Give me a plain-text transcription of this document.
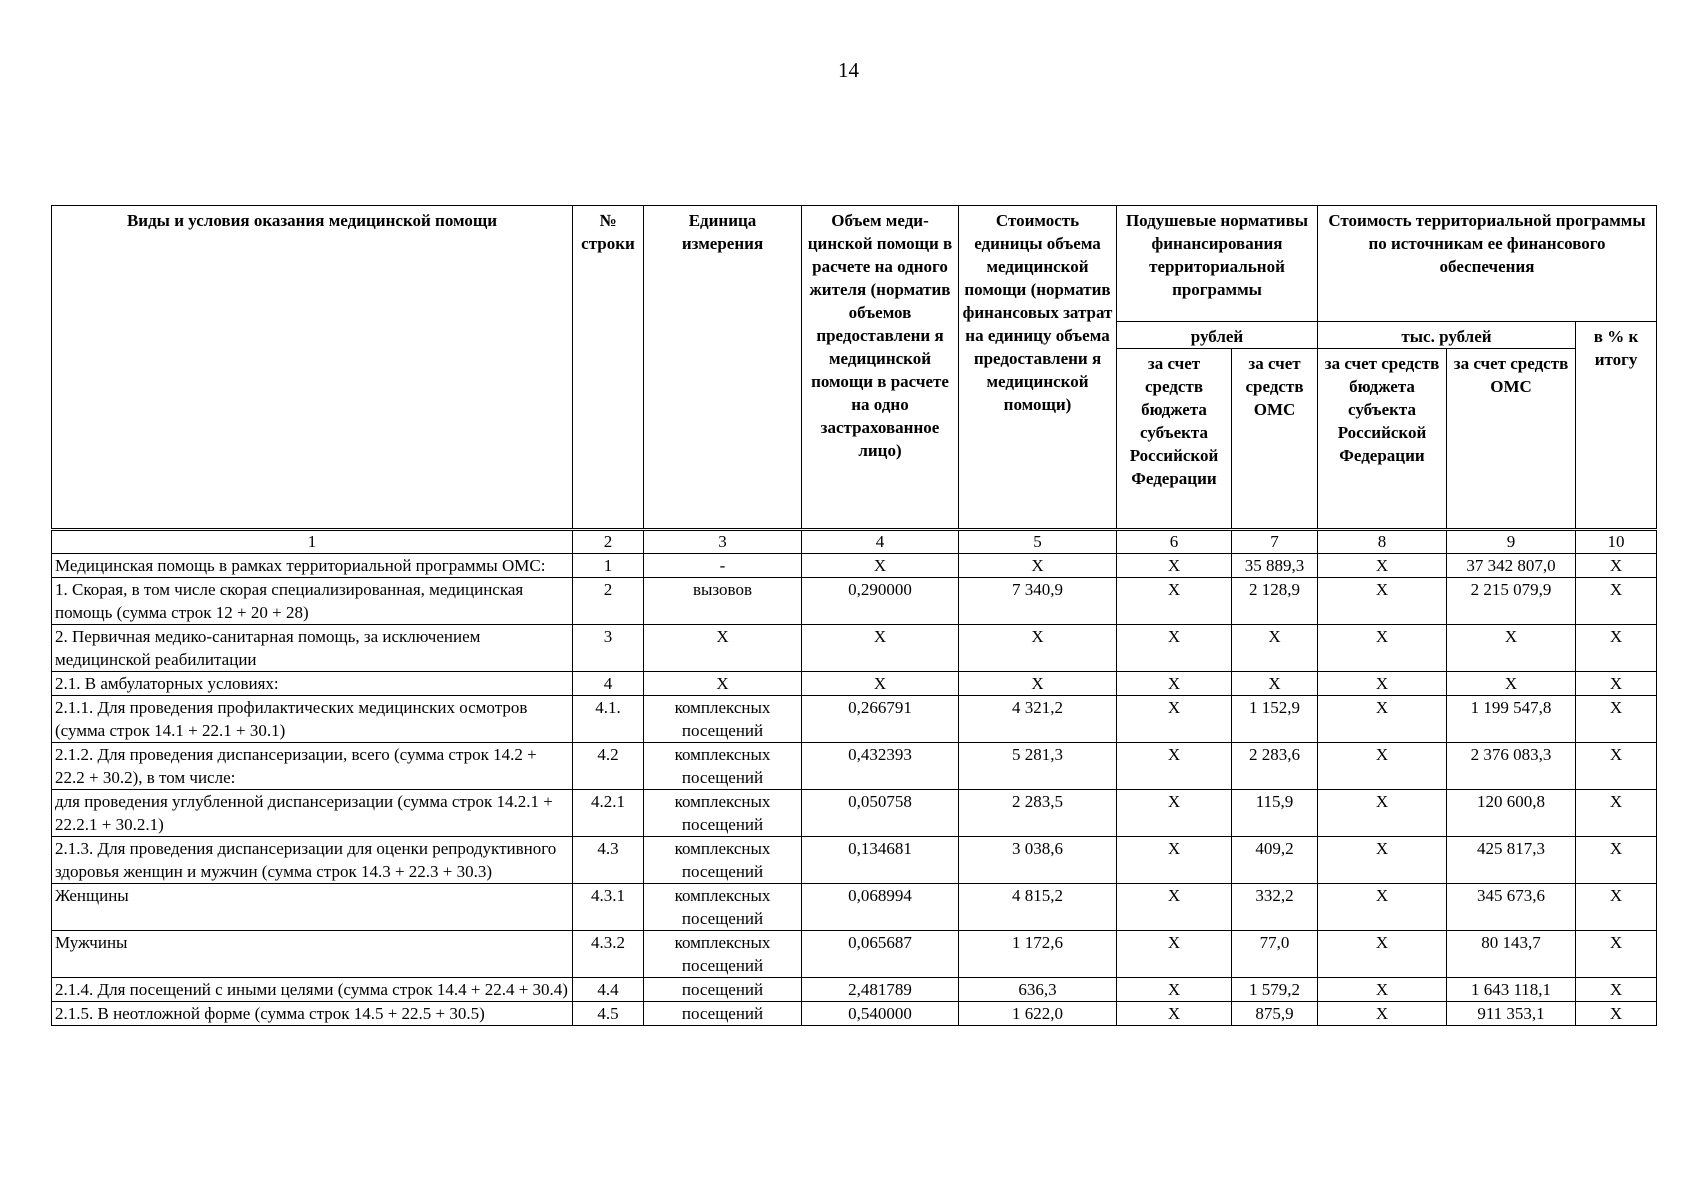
14
Виды и условия оказания медицинской помощи	№ строки	Единица измерения	Объем меди-цинской помощи в расчете на одного жителя (норматив объемов предоставлени я медицинской помощи в расчете на одно застрахованное лицо)	Стоимость единицы объема медицинской помощи (норматив финансовых затрат на единицу объема предоставлени я медицинской помощи)	Подушевые нормативы финансирования территориальной программы		Стоимость территориальной программы по источникам ее финансового обеспечения		
					рублей		тыс. рублей		в % к итогу
					за счет средств бюджета субъекта Российской Федерации	за счет средств ОМС	за счет средств бюджета субъекта Российской Федерации	за счет средств ОМС	
1	2	3	4	5	6	7	8	9	10
Медицинская помощь в рамках территориальной программы ОМС:	1	-	X	X	X	35 889,3	X	37 342 807,0	X
1. Скорая, в том числе скорая специализированная, медицинская помощь (сумма строк 12 + 20 + 28)	2	вызовов	0,290000	7 340,9	X	2 128,9	X	2 215 079,9	X
2. Первичная медико-санитарная помощь, за исключением медицинской реабилитации	3	X	X	X	X	X	X	X	X
2.1. В амбулаторных условиях:	4	X	X	X	X	X	X	X	X
2.1.1. Для проведения профилактических медицинских осмотров (сумма строк 14.1 + 22.1 + 30.1)	4.1.	комплексных посещений	0,266791	4 321,2	X	1 152,9	X	1 199 547,8	X
2.1.2. Для проведения диспансеризации, всего (сумма строк 14.2 + 22.2 + 30.2), в том числе:	4.2	комплексных посещений	0,432393	5 281,3	X	2 283,6	X	2 376 083,3	X
для проведения углубленной диспансеризации (сумма строк 14.2.1 + 22.2.1 + 30.2.1)	4.2.1	комплексных посещений	0,050758	2 283,5	X	115,9	X	120 600,8	X
2.1.3. Для проведения диспансеризации для оценки репродуктивного здоровья женщин и мужчин (сумма строк 14.3 + 22.3 + 30.3)	4.3	комплексных посещений	0,134681	3 038,6	X	409,2	X	425 817,3	X
Женщины	4.3.1	комплексных посещений	0,068994	4 815,2	X	332,2	X	345 673,6	X
Мужчины	4.3.2	комплексных посещений	0,065687	1 172,6	X	77,0	X	80 143,7	X
2.1.4. Для посещений с иными целями (сумма строк 14.4 + 22.4 + 30.4)	4.4	посещений	2,481789	636,3	X	1 579,2	X	1 643 118,1	X
2.1.5. В неотложной форме (сумма строк 14.5 + 22.5 + 30.5)	4.5	посещений	0,540000	1 622,0	X	875,9	X	911 353,1	X
